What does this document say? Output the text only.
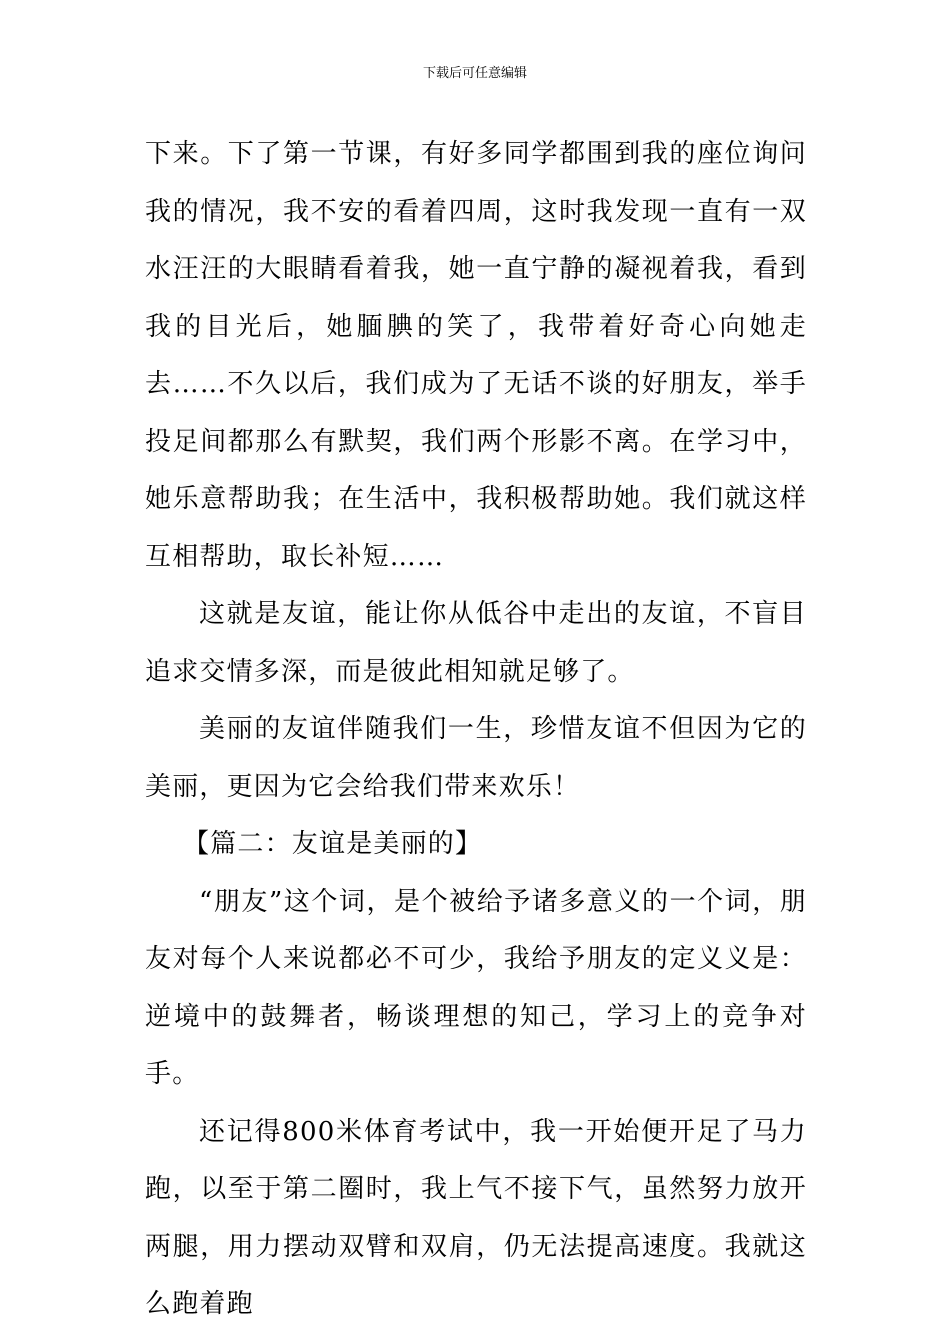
下载后可任意编辑

下来。下了第一节课，有好多同学都围到我的座位询问我的情况，我不安的看着四周，这时我发现一直有一双水汪汪的大眼睛看着我，她一直宁静的凝视着我，看到我的目光后，她腼腆的笑了，我带着好奇心向她走去……不久以后，我们成为了无话不谈的好朋友，举手投足间都那么有默契，我们两个形影不离。在学习中，她乐意帮助我；在生活中，我积极帮助她。我们就这样互相帮助，取长补短……

这就是友谊，能让你从低谷中走出的友谊，不盲目追求交情多深，而是彼此相知就足够了。

美丽的友谊伴随我们一生，珍惜友谊不但因为它的美丽，更因为它会给我们带来欢乐！

【篇二：友谊是美丽的】

“朋友”这个词，是个被给予诸多意义的一个词，朋友对每个人来说都必不可少，我给予朋友的定义义是：逆境中的鼓舞者，畅谈理想的知己，学习上的竞争对手。

还记得800米体育考试中，我一开始便开足了马力跑，以至于第二圈时，我上气不接下气，虽然努力放开两腿，用力摆动双臂和双肩，仍无法提高速度。我就这么跑着跑
